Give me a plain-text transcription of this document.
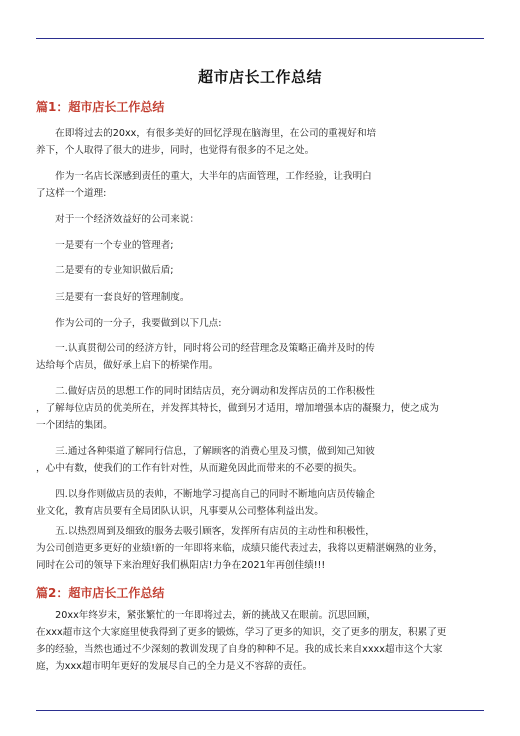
超市店长工作总结
篇1：超市店长工作总结
　　在即将过去的20xx，有很多美好的回忆浮现在脑海里，在公司的重视好和培
养下，个人取得了很大的进步，同时，也觉得有很多的不足之处。
　　作为一名店长深感到责任的重大，大半年的店面管理，工作经验，让我明白
了这样一个道理:
　　对于一个经济效益好的公司来说：
　　一是要有一个专业的管理者;
　　二是要有的专业知识做后盾;
　　三是要有一套良好的管理制度。
　　作为公司的一分子，我要做到以下几点:
　　一.认真贯彻公司的经济方针，同时将公司的经营理念及策略正确并及时的传
达给每个店员，做好承上启下的桥梁作用。
　　二.做好店员的思想工作的同时团结店员，充分调动和发挥店员的工作积极性
，了解每位店员的优美所在，并发挥其特长，做到另才适用，增加增强本店的凝聚力，使之成为
一个团结的集团。
　　三.通过各种渠道了解同行信息，了解顾客的消费心里及习惯，做到知己知彼
，心中有数，使我们的工作有针对性，从而避免因此而带来的不必要的损失。
　　四.以身作则做店员的表帅，不断地学习提高自己的同时不断地向店员传输企
业文化，教育店员要有全局团队认识，凡事要从公司整体利益出发。
　　五.以热烈周到及细致的服务去吸引顾客，发挥所有店员的主动性和积极性，
为公司创造更多更好的业绩!新的一年即将来临，成绩只能代表过去，我将以更精湛娴熟的业务，
同时在公司的领导下来治理好我们枞阳店!力争在2021年再创佳绩!!!
篇2：超市店长工作总结
　　20xx年终岁末，紧张繁忙的一年即将过去，新的挑战又在眼前。沉思回顾，
在xxx超市这个大家庭里使我得到了更多的锻炼，学习了更多的知识，交了更多的朋友，积累了更
多的经验，当然也通过不少深刻的教训发现了自身的种种不足。我的成长来自xxxx超市这个大家
庭，为xxx超市明年更好的发展尽自己的全力是义不容辞的责任。
